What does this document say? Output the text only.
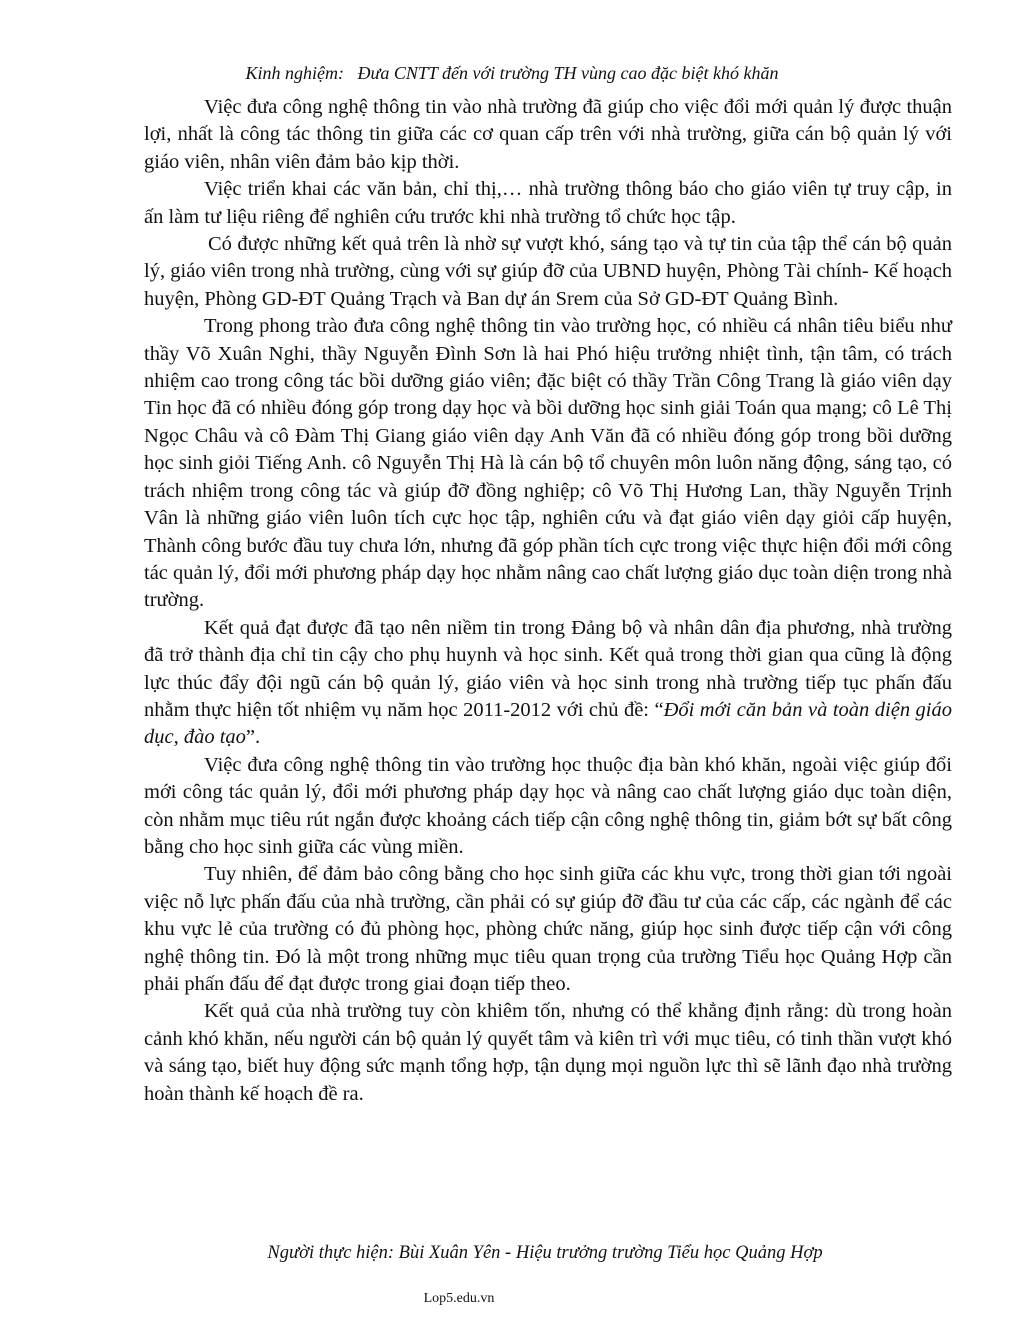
Kinh nghiệm: Đưa CNTT đến với trường TH vùng cao đặc biệt khó khăn

Việc đưa công nghệ thông tin vào nhà trường đã giúp cho việc đổi mới quản lý được thuận lợi, nhất là công tác thông tin giữa các cơ quan cấp trên với nhà trường, giữa cán bộ quản lý với giáo viên, nhân viên đảm bảo kịp thời.

Việc triển khai các văn bản, chỉ thị,… nhà trường thông báo cho giáo viên tự truy cập, in ấn làm tư liệu riêng để nghiên cứu trước khi nhà trường tổ chức học tập.

Có được những kết quả trên là nhờ sự vượt khó, sáng tạo và tự tin của tập thể cán bộ quản lý, giáo viên trong nhà trường, cùng với sự giúp đỡ của UBND huyện, Phòng Tài chính- Kế hoạch huyện, Phòng GD-ĐT Quảng Trạch và Ban dự án Srem của Sở GD-ĐT Quảng Bình.

Trong phong trào đưa công nghệ thông tin vào trường học, có nhiều cá nhân tiêu biểu như thầy Võ Xuân Nghi, thầy Nguyễn Đình Sơn là hai Phó hiệu trưởng nhiệt tình, tận tâm, có trách nhiệm cao trong công tác bồi dưỡng giáo viên; đặc biệt có thầy Trần Công Trang là giáo viên dạy Tin học đã có nhiều đóng góp trong dạy học và bồi dưỡng học sinh giải Toán qua mạng; cô Lê Thị Ngọc Châu và cô Đàm Thị Giang giáo viên dạy Anh Văn đã có nhiều đóng góp trong bồi dưỡng học sinh giỏi Tiếng Anh. cô Nguyễn Thị Hà là cán bộ tổ chuyên môn luôn năng động, sáng tạo, có trách nhiệm trong công tác và giúp đỡ đồng nghiệp; cô Võ Thị Hương Lan, thầy Nguyễn Trịnh Vân là những giáo viên luôn tích cực học tập, nghiên cứu và đạt giáo viên dạy giỏi cấp huyện, Thành công bước đầu tuy chưa lớn, nhưng đã góp phần tích cực trong việc thực hiện đổi mới công tác quản lý, đổi mới phương pháp dạy học nhằm nâng cao chất lượng giáo dục toàn diện trong nhà trường.

Kết quả đạt được đã tạo nên niềm tin trong Đảng bộ và nhân dân địa phương, nhà trường đã trở thành địa chỉ tin cậy cho phụ huynh và học sinh. Kết quả trong thời gian qua cũng là động lực thúc đẩy đội ngũ cán bộ quản lý, giáo viên và học sinh trong nhà trường tiếp tục phấn đấu nhằm thực hiện tốt nhiệm vụ năm học 2011-2012 với chủ đề: “Đổi mới căn bản và toàn diện giáo dục, đào tạo”.

Việc đưa công nghệ thông tin vào trường học thuộc địa bàn khó khăn, ngoài việc giúp đổi mới công tác quản lý, đổi mới phương pháp dạy học và nâng cao chất lượng giáo dục toàn diện, còn nhằm mục tiêu rút ngắn được khoảng cách tiếp cận công nghệ thông tin, giảm bớt sự bất công bằng cho học sinh giữa các vùng miền.

Tuy nhiên, để đảm bảo công bằng cho học sinh giữa các khu vực, trong thời gian tới ngoài việc nỗ lực phấn đấu của nhà trường, cần phải có sự giúp đỡ đầu tư của các cấp, các ngành để các khu vực lẻ của trường có đủ phòng học, phòng chức năng, giúp học sinh được tiếp cận với công nghệ thông tin. Đó là một trong những mục tiêu quan trọng của trường Tiểu học Quảng Hợp cần phải phấn đấu để đạt được trong giai đoạn tiếp theo.

Kết quả của nhà trường tuy còn khiêm tốn, nhưng có thể khẳng định rằng: dù trong hoàn cảnh khó khăn, nếu người cán bộ quản lý quyết tâm và kiên trì với mục tiêu, có tinh thần vượt khó và sáng tạo, biết huy động sức mạnh tổng hợp, tận dụng mọi nguồn lực thì sẽ lãnh đạo nhà trường hoàn thành kế hoạch đề ra.

Người thực hiện: Bùi Xuân Yên - Hiệu trưởng trường Tiểu học Quảng Hợp
Lop5.edu.vn
